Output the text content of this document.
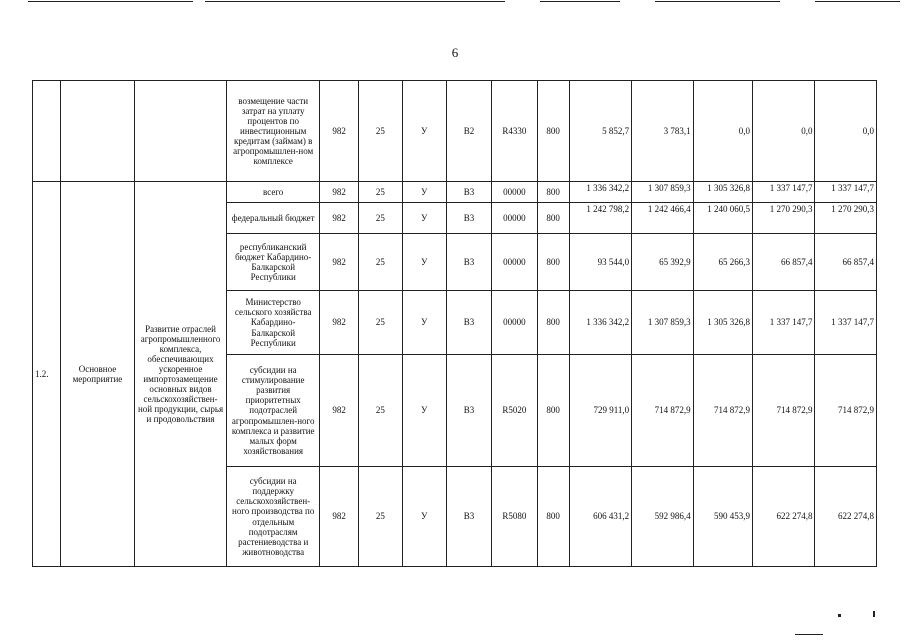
6
			возмещение части затрат на уплату процентов по инвестиционным кредитам (займам) в агропромышлен-ном комплексе	982	25	У	В2	R4330	800	5 852,7	3 783,1	0,0	0,0	0,0
1.2.	Основное мероприятие	Развитие отраслей агропромышленного комплекса, обеспечивающих ускоренное импортозамещение основных видов сельскохозяйствен-ной продукции, сырья и продовольствия	всего	982	25	У	В3	00000	800	1 336 342,2	1 307 859,3	1 305 326,8	1 337 147,7	1 337 147,7
			федеральный бюджет	982	25	У	В3	00000	800	1 242 798,2	1 242 466,4	1 240 060,5	1 270 290,3	1 270 290,3
			республиканский бюджет Кабардино-Балкарской Республики	982	25	У	В3	00000	800	93 544,0	65 392,9	65 266,3	66 857,4	66 857,4
			Министерство сельского хозяйства Кабардино-Балкарской Республики	982	25	У	В3	00000	800	1 336 342,2	1 307 859,3	1 305 326,8	1 337 147,7	1 337 147,7
			субсидии на стимулирование развития приоритетных подотраслей агропромышлен-ного комплекса и развитие малых форм хозяйствования	982	25	У	В3	R5020	800	729 911,0	714 872,9	714 872,9	714 872,9	714 872,9
			субсидии на поддержку сельскохозяйствен-ного производства по отдельным подотраслям растениеводства и животноводства	982	25	У	В3	R5080	800	606 431,2	592 986,4	590 453,9	622 274,8	622 274,8
